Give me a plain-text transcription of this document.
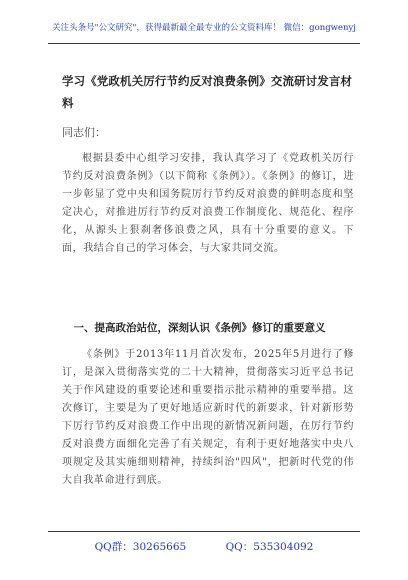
关注头条号"公文研究"，获得最新最全最专业的公文资料库！ 微信：gongwenyj
学习《党政机关厉行节约反对浪费条例》交流研讨发言材料
同志们：
根据县委中心组学习安排，我认真学习了《党政机关厉行节约反对浪费条例》（以下简称《条例》）。《条例》的修订，进一步彰显了党中央和国务院厉行节约反对浪费的鲜明态度和坚定决心，对推进厉行节约反对浪费工作制度化、规范化、程序化，从源头上狠刹奢侈浪费之风，具有十分重要的意义。下面，我结合自己的学习体会，与大家共同交流。
一、提高政治站位，深刻认识《条例》修订的重要意义
《条例》于2013年11月首次发布，2025年5月进行了修订，是深入贯彻落实党的二十大精神，贯彻落实习近平总书记关于作风建设的重要论述和重要指示批示精神的重要举措。这次修订，主要是为了更好地适应新时代的新要求，针对新形势下厉行节约反对浪费工作中出现的新情况新问题，在厉行节约反对浪费方面细化完善了有关规定，有利于更好地落实中央八项规定及其实施细则精神，持续纠治"四风"，把新时代党的伟大自我革命进行到底。
QQ群：30265665	QQ：535304092
